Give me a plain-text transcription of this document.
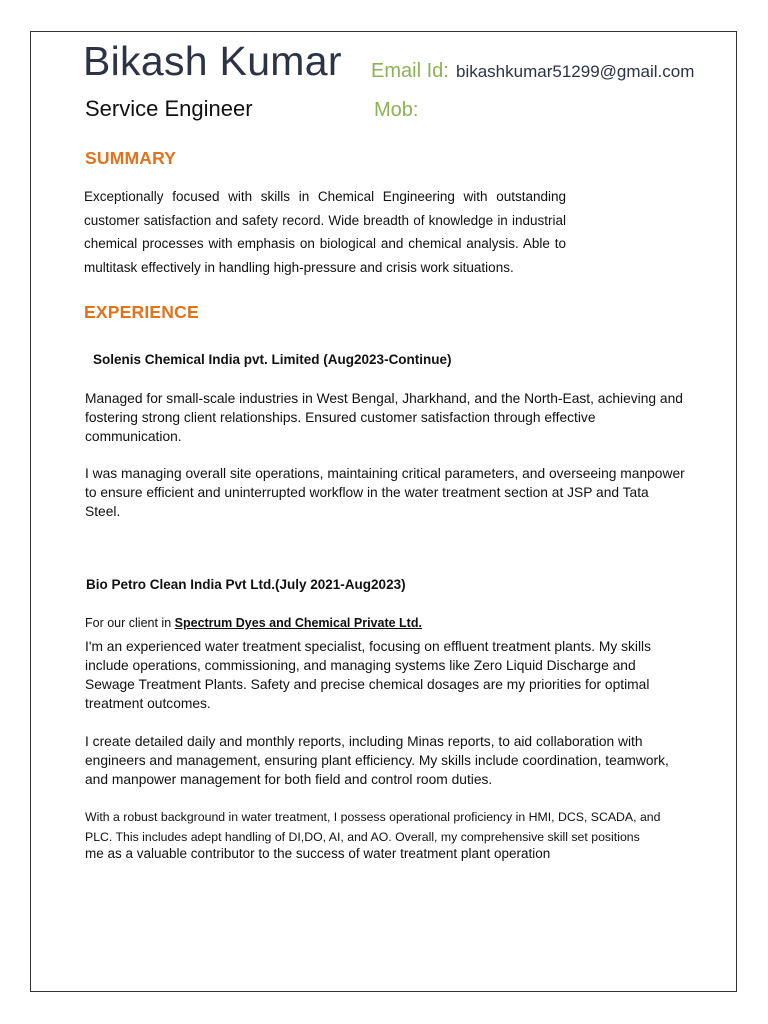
Bikash Kumar
Service Engineer
Email Id: bikashkumar51299@gmail.com
Mob:
SUMMARY
Exceptionally focused with skills in Chemical Engineering with outstanding customer satisfaction and safety record. Wide breadth of knowledge in industrial chemical processes with emphasis on biological and chemical analysis. Able to multitask effectively in handling high-pressure and crisis work situations.
EXPERIENCE
Solenis Chemical India pvt. Limited (Aug2023-Continue)
Managed for small-scale industries in West Bengal, Jharkhand, and the North-East, achieving and fostering strong client relationships. Ensured customer satisfaction through effective communication.
I was managing overall site operations, maintaining critical parameters, and overseeing manpower to ensure efficient and uninterrupted workflow in the water treatment section at JSP and Tata Steel.
Bio Petro Clean India Pvt Ltd.(July 2021-Aug2023)
For our client in Spectrum Dyes and Chemical Private Ltd.
I'm an experienced water treatment specialist, focusing on effluent treatment plants. My skills include operations, commissioning, and managing systems like Zero Liquid Discharge and Sewage Treatment Plants. Safety and precise chemical dosages are my priorities for optimal treatment outcomes.
I create detailed daily and monthly reports, including Minas reports, to aid collaboration with engineers and management, ensuring plant efficiency. My skills include coordination, teamwork, and manpower management for both field and control room duties.
With a robust background in water treatment, I possess operational proficiency in HMI, DCS, SCADA, and PLC. This includes adept handling of DI,DO, AI, and AO. Overall, my comprehensive skill set positions
me as a valuable contributor to the success of water treatment plant operation
